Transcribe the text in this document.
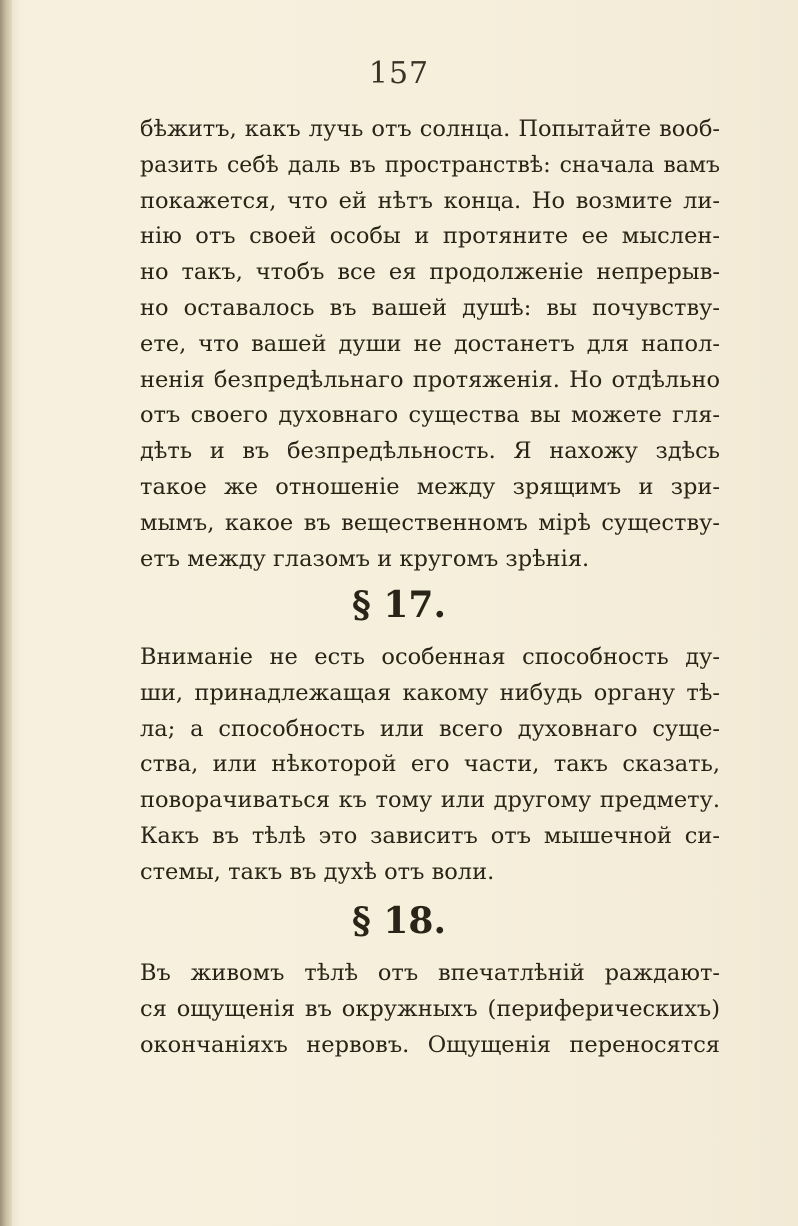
157
бѣжитъ, какъ лучь отъ солнца. Попытайте вооб-
разить себѣ даль въ пространствѣ: сначала вамъ
покажется, что ей нѣтъ конца. Но возмите ли-
нію отъ своей особы и протяните ее мыслен-
но такъ, чтобъ все ея продолженіе непрерыв-
но оставалось въ вашей душѣ: вы почувству-
ете, что вашей души не достанетъ для напол-
ненія безпредѣльнаго протяженія. Но отдѣльно
отъ своего духовнаго существа вы можете гля-
дѣть и въ безпредѣльность. Я нахожу здѣсь
такое же отношеніе между зрящимъ и зри-
мымъ, какое въ вещественномъ мірѣ существу-
етъ между глазомъ и кругомъ зрѣнія.
§ 17.
Вниманіе не есть особенная способность ду-
ши, принадлежащая какому нибудь органу тѣ-
ла; а способность или всего духовнаго суще-
ства, или нѣкоторой его части, такъ сказать,
поворачиваться къ тому или другому предмету.
Какъ въ тѣлѣ это зависитъ отъ мышечной си-
стемы, такъ въ духѣ отъ воли.
§ 18.
Въ живомъ тѣлѣ отъ впечатлѣній раждают-
ся ощущенія въ окружныхъ (периферическихъ)
окончаніяхъ нервовъ. Ощущенія переносятся
